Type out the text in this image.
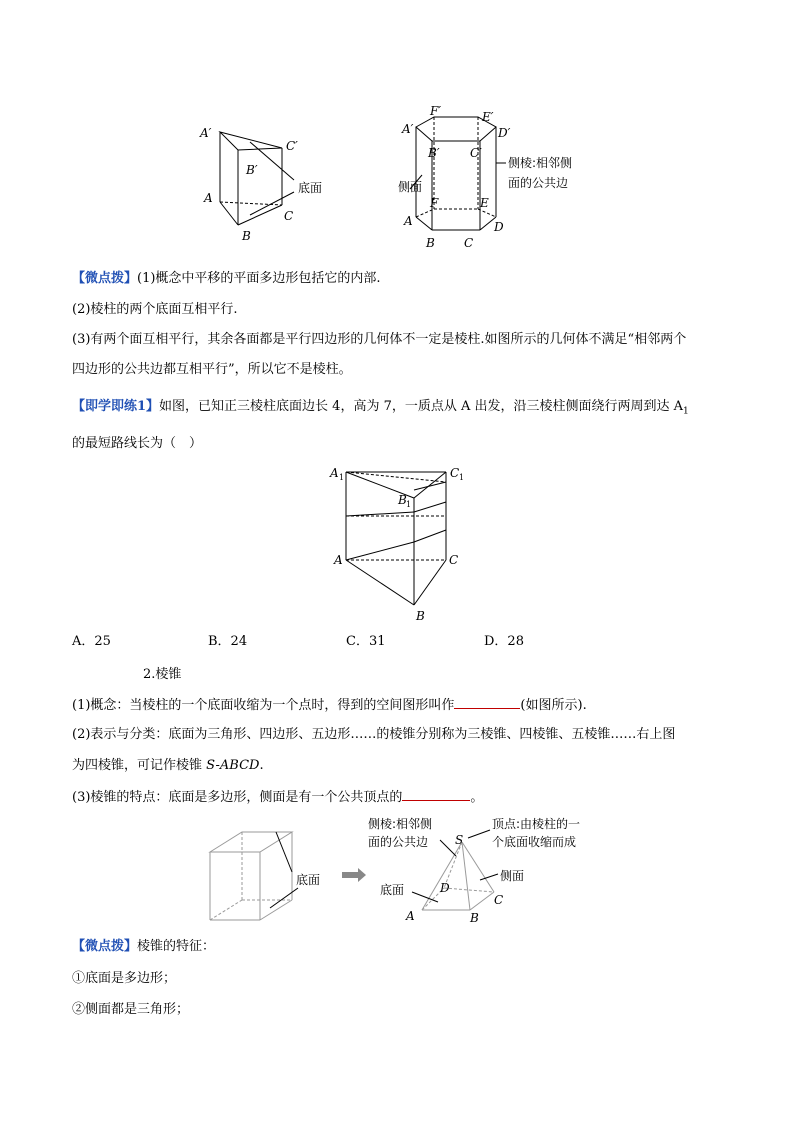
A′
C′
B′
A
B
C
底面
A′
F′	E′
D′
B′	C′
侧面
F	E
A
B C
D
侧棱:相邻侧
面的公共边
【微点拨】(1)概念中平移的平面多边形包括它的内部.
(2)棱柱的两个底面互相平行.
(3)有两个面互相平行，其余各面都是平行四边形的几何体不一定是棱柱.如图所示的几何体不满足“相邻两个
四边形的公共边都互相平行”，所以它不是棱柱。
【即学即练1】如图，已知正三棱柱底面边长 4，高为 7，一质点从 A 出发，沿三棱柱侧面绕行两周到达 $A_1$
的最短路线长为（　）
A 1	C 1
B 1
A	C
B
A．25	B．24	C．31	D．28
2.棱锥
(1)概念：当棱柱的一个底面收缩为一个点时，得到的空间图形叫作	(如图所示).
(2)表示与分类：底面为三角形、四边形、五边形……的棱锥分别称为三棱锥、四棱锥、五棱锥……右上图
为四棱锥，可记作棱锥 S-ABCD.
(3)棱锥的特点：底面是多边形，侧面是有一个公共顶点的	。
底面
侧棱:相邻侧
面的公共边 S
顶点:由棱柱的一
个底面收缩而成
侧面
底面	D
C
A	B
【微点拨】棱锥的特征：
①底面是多边形；
②侧面都是三角形；
